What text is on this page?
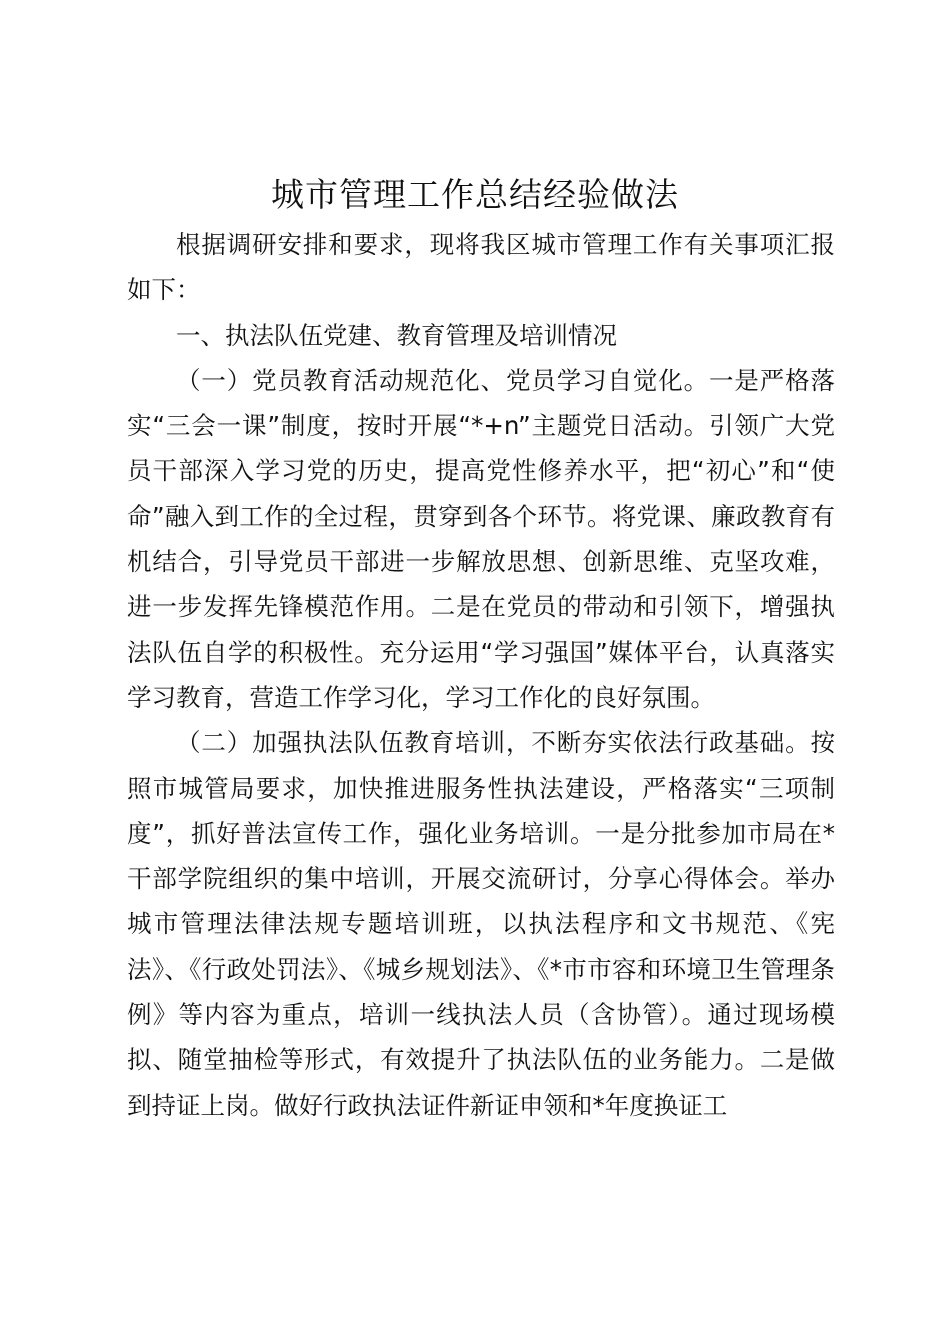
城市管理工作总结经验做法

根据调研安排和要求，现将我区城市管理工作有关事项汇报如下：

一、执法队伍党建、教育管理及培训情况

（一）党员教育活动规范化、党员学习自觉化。一是严格落实“三会一课”制度，按时开展“*+n”主题党日活动。引领广大党员干部深入学习党的历史，提高党性修养水平，把“初心”和“使命”融入到工作的全过程，贯穿到各个环节。将党课、廉政教育有机结合，引导党员干部进一步解放思想、创新思维、克坚攻难，进一步发挥先锋模范作用。二是在党员的带动和引领下，增强执法队伍自学的积极性。充分运用“学习强国”媒体平台，认真落实学习教育，营造工作学习化，学习工作化的良好氛围。

（二）加强执法队伍教育培训，不断夯实依法行政基础。按照市城管局要求，加快推进服务性执法建设，严格落实“三项制度”，抓好普法宣传工作，强化业务培训。一是分批参加市局在*干部学院组织的集中培训，开展交流研讨，分享心得体会。举办城市管理法律法规专题培训班，以执法程序和文书规范、《宪法》、《行政处罚法》、《城乡规划法》、《*市市容和环境卫生管理条例》等内容为重点，培训一线执法人员（含协管）。通过现场模拟、随堂抽检等形式，有效提升了执法队伍的业务能力。二是做到持证上岗。做好行政执法证件新证申领和*年度换证工
